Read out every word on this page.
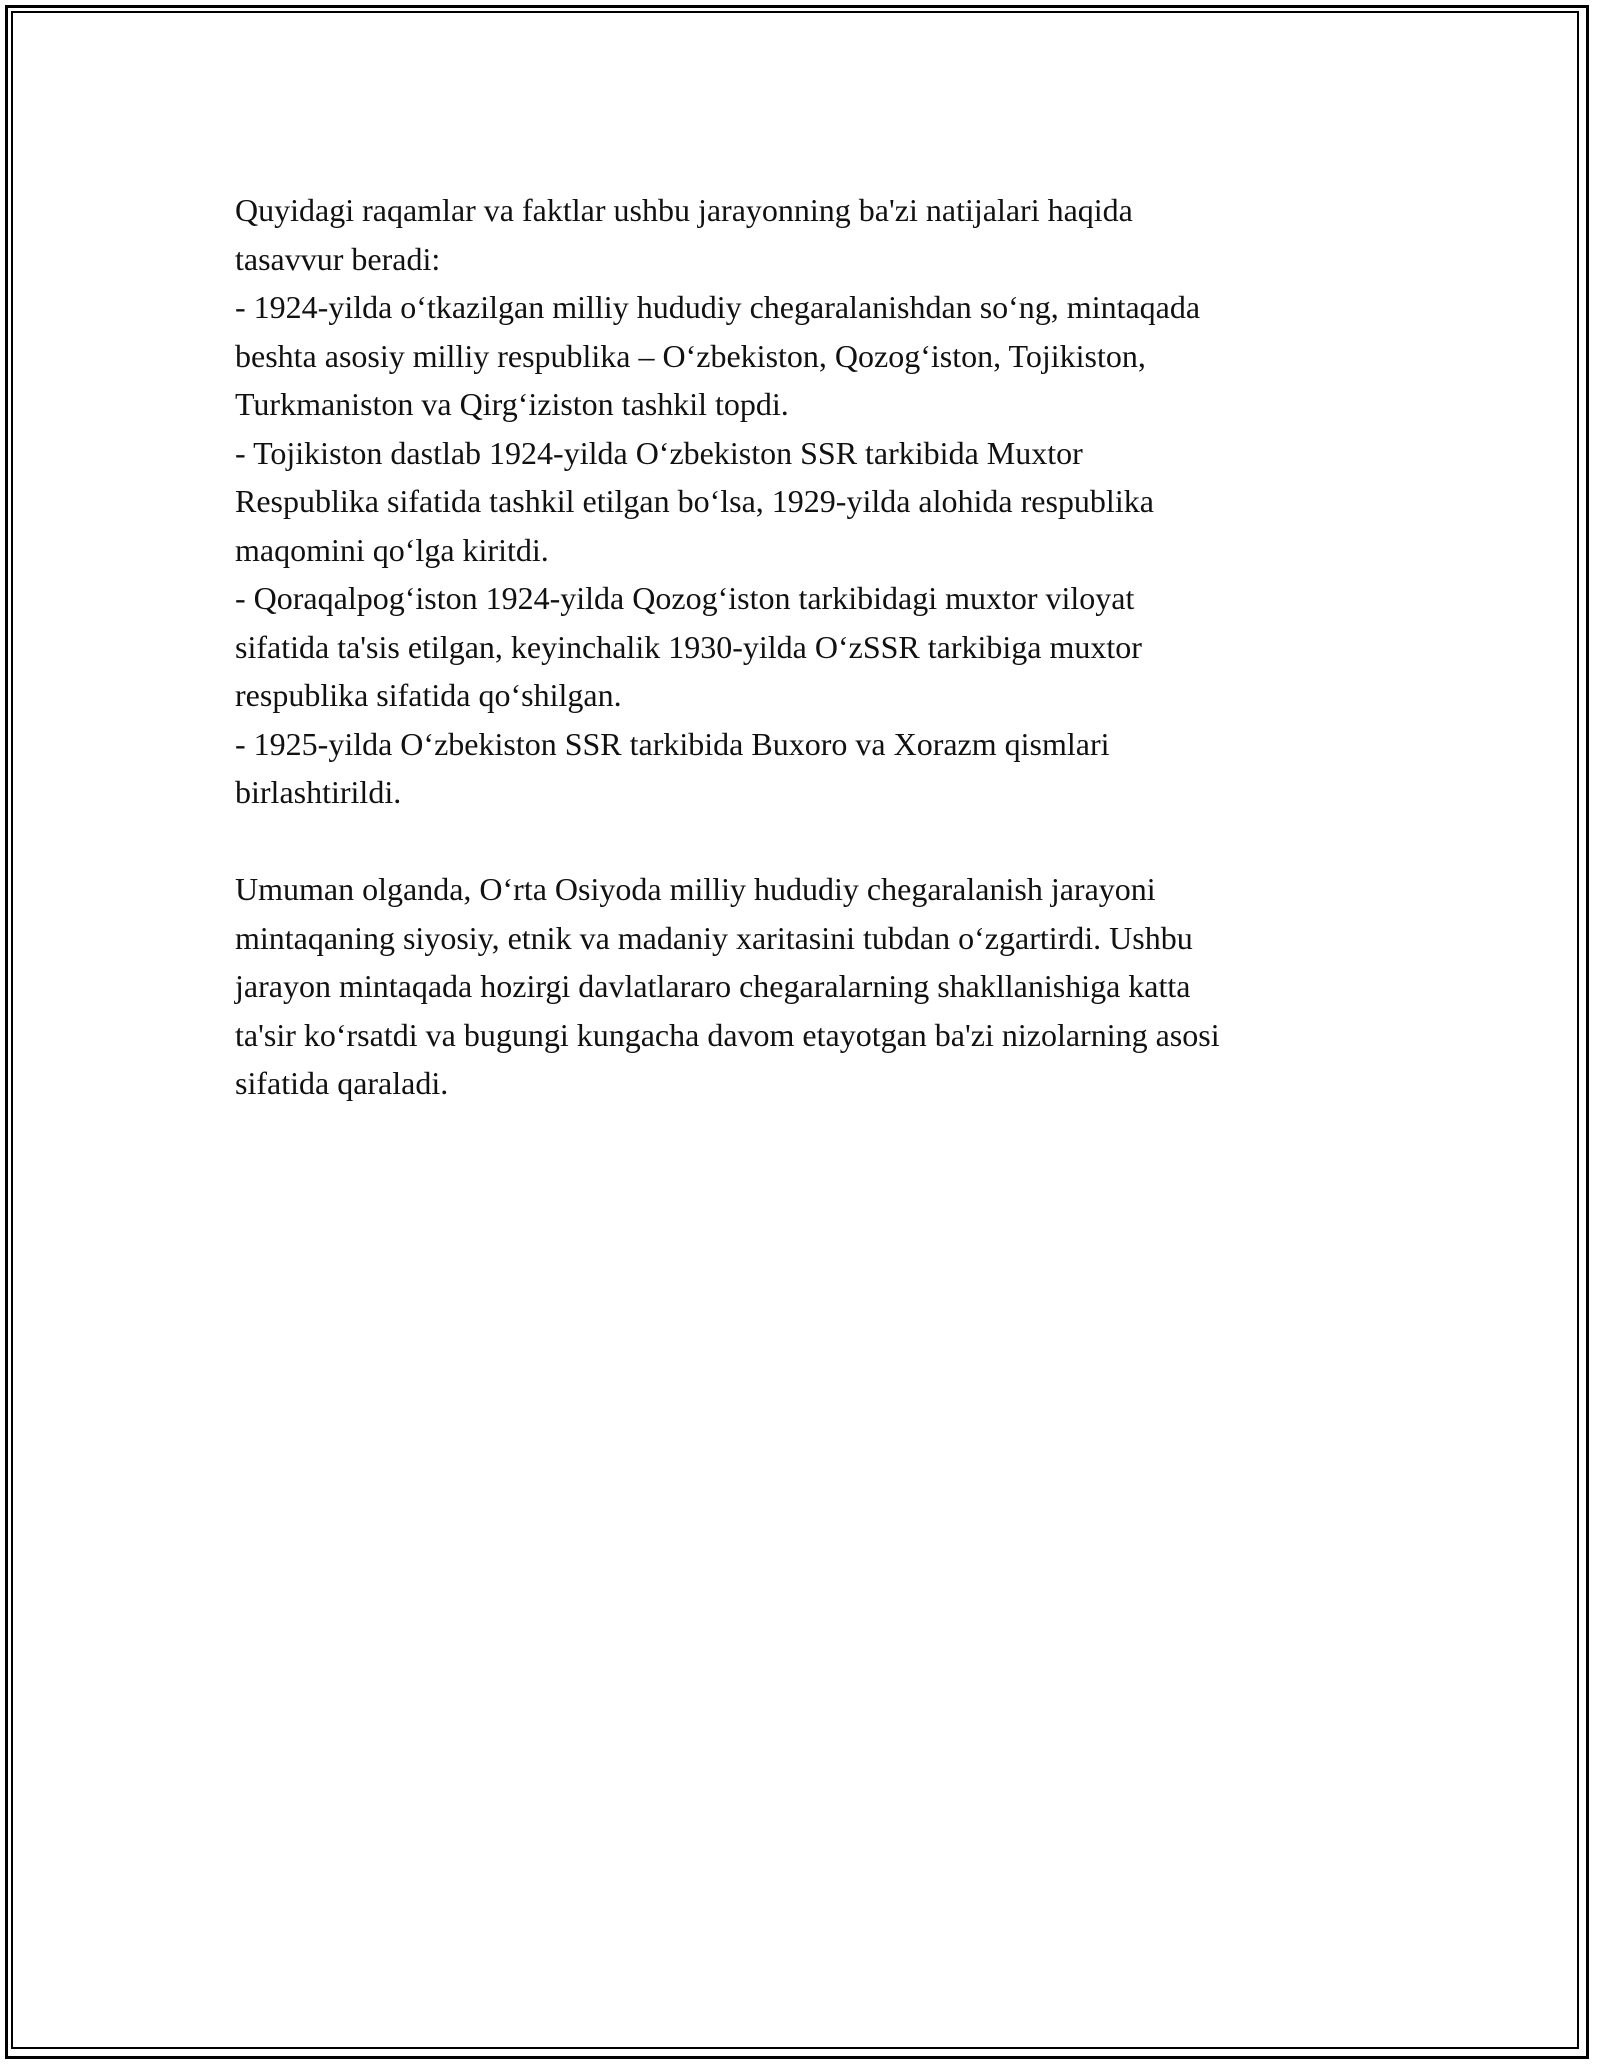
Quyidagi raqamlar va faktlar ushbu jarayonning ba'zi natijalari haqida

tasavvur beradi:

- 1924-yilda o‘tkazilgan milliy hududiy chegaralanishdan so‘ng, mintaqada

beshta asosiy milliy respublika – O‘zbekiston, Qozog‘iston, Tojikiston,

Turkmaniston va Qirg‘iziston tashkil topdi.

- Tojikiston dastlab 1924-yilda O‘zbekiston SSR tarkibida Muxtor

Respublika sifatida tashkil etilgan bo‘lsa, 1929-yilda alohida respublika

maqomini qo‘lga kiritdi.

- Qoraqalpog‘iston 1924-yilda Qozog‘iston tarkibidagi muxtor viloyat

sifatida ta'sis etilgan, keyinchalik 1930-yilda O‘zSSR tarkibiga muxtor

respublika sifatida qo‘shilgan.

- 1925-yilda O‘zbekiston SSR tarkibida Buxoro va Xorazm qismlari

birlashtirildi.

Umuman olganda, O‘rta Osiyoda milliy hududiy chegaralanish jarayoni

mintaqaning siyosiy, etnik va madaniy xaritasini tubdan o‘zgartirdi. Ushbu

jarayon mintaqada hozirgi davlatlararo chegaralarning shakllanishiga katta

ta'sir ko‘rsatdi va bugungi kungacha davom etayotgan ba'zi nizolarning asosi

sifatida qaraladi.
